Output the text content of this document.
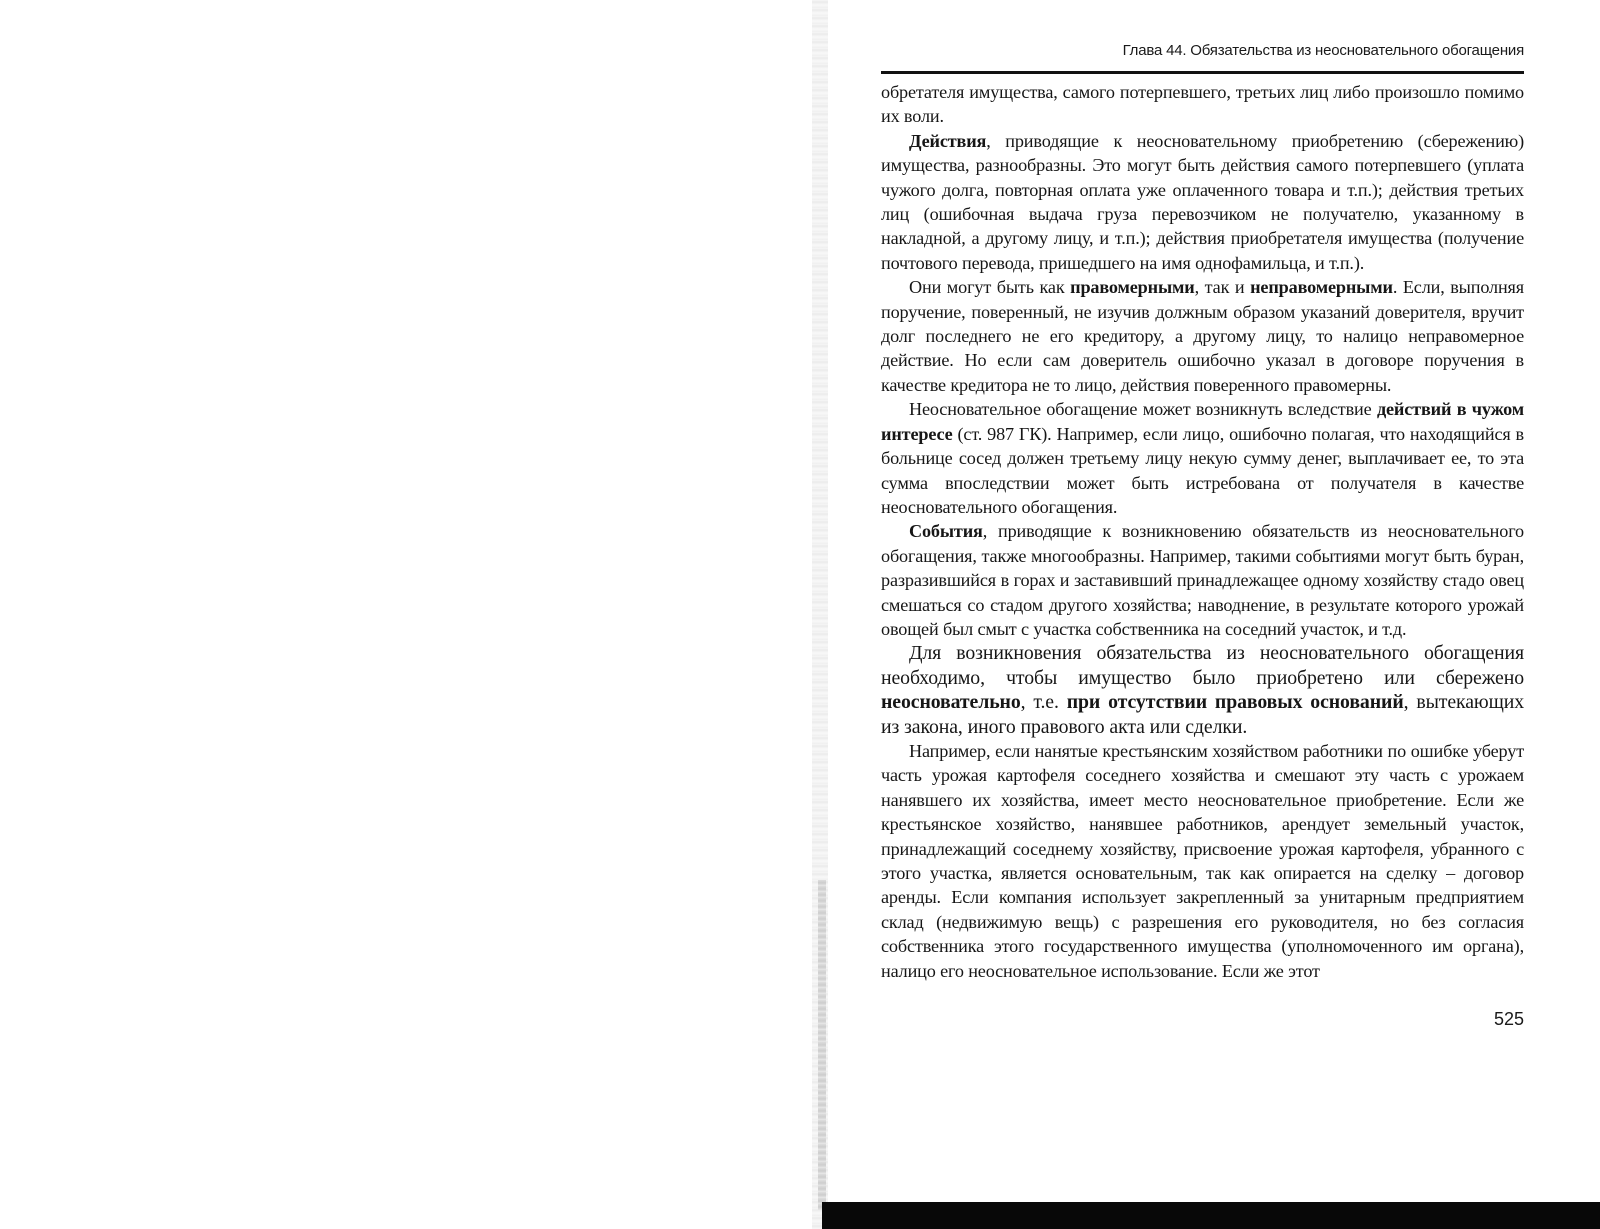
Глава 44. Обязательства из неосновательного обогащения

обретателя имущества, самого потерпевшего, третьих лиц либо произошло помимо их воли.

Действия, приводящие к неосновательному приобретению (сбережению) имущества, разнообразны. Это могут быть действия самого потерпевшего (уплата чужого долга, повторная оплата уже оплаченного товара и т.п.); действия третьих лиц (ошибочная выдача груза перевозчиком не получателю, указанному в накладной, а другому лицу, и т.п.); действия приобретателя имущества (получение почтового перевода, пришедшего на имя однофамильца, и т.п.).

Они могут быть как правомерными, так и неправомерными. Если, выполняя поручение, поверенный, не изучив должным образом указаний доверителя, вручит долг последнего не его кредитору, а другому лицу, то налицо неправомерное действие. Но если сам доверитель ошибочно указал в договоре поручения в качестве кредитора не то лицо, действия поверенного правомерны.

Неосновательное обогащение может возникнуть вследствие действий в чужом интересе (ст. 987 ГК). Например, если лицо, ошибочно полагая, что находящийся в больнице сосед должен третьему лицу некую сумму денег, выплачивает ее, то эта сумма впоследствии может быть истребована от получателя в качестве неосновательного обогащения.

События, приводящие к возникновению обязательств из неосновательного обогащения, также многообразны. Например, такими событиями могут быть буран, разразившийся в горах и заставивший принадлежащее одному хозяйству стадо овец смешаться со стадом другого хозяйства; наводнение, в результате которого урожай овощей был смыт с участка собственника на соседний участок, и т.д.

Для возникновения обязательства из неосновательного обогащения необходимо, чтобы имущество было приобретено или сбережено неосновательно, т.е. при отсутствии правовых оснований, вытекающих из закона, иного правового акта или сделки.

Например, если нанятые крестьянским хозяйством работники по ошибке уберут часть урожая картофеля соседнего хозяйства и смешают эту часть с урожаем нанявшего их хозяйства, имеет место неосновательное приобретение. Если же крестьянское хозяйство, нанявшее работников, арендует земельный участок, принадлежащий соседнему хозяйству, присвоение урожая картофеля, убранного с этого участка, является основательным, так как опирается на сделку – договор аренды. Если компания использует закрепленный за унитарным предприятием склад (недвижимую вещь) с разрешения его руководителя, но без согласия собственника этого государственного имущества (уполномоченного им органа), налицо его неосновательное использование. Если же этот

525
